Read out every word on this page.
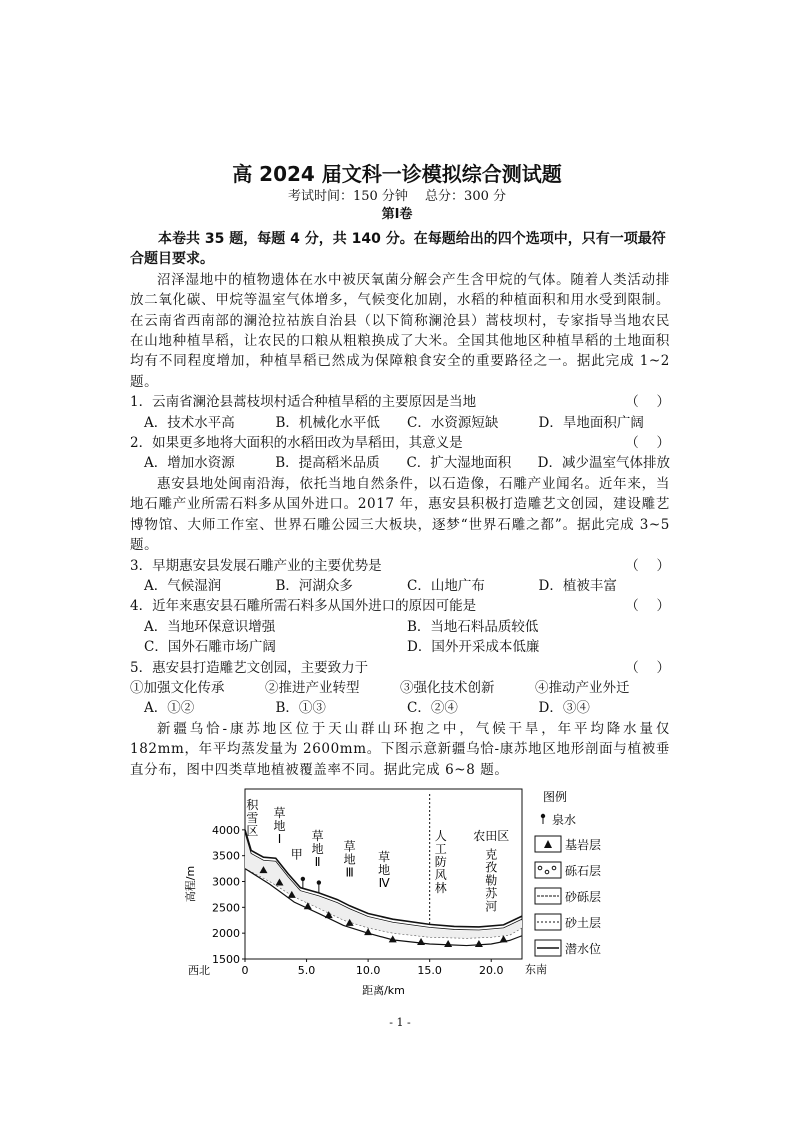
高 2024 届文科一诊模拟综合测试题
考试时间：150 分钟　 总分：300 分
第Ⅰ卷
本卷共 35 题，每题 4 分，共 140 分。在每题给出的四个选项中，只有一项最符合题目要求。
沼泽湿地中的植物遗体在水中被厌氧菌分解会产生含甲烷的气体。随着人类活动排放二氧化碳、甲烷等温室气体增多，气候变化加剧，水稻的种植面积和用水受到限制。在云南省西南部的澜沧拉祜族自治县（以下简称澜沧县）蒿枝坝村，专家指导当地农民在山地种植旱稻，让农民的口粮从粗粮换成了大米。全国其他地区种植旱稻的土地面积均有不同程度增加，种植旱稻已然成为保障粮食安全的重要路径之一。据此完成 1~2 题。
1．云南省澜沧县蒿枝坝村适合种植旱稻的主要原因是当地	（　 ）
A．技术水平高	B．机械化水平低	C．水资源短缺	D．旱地面积广阔
2．如果更多地将大面积的水稻田改为旱稻田，其意义是	（　 ）
A．增加水资源	B．提高稻米品质	C．扩大湿地面积	D．减少温室气体排放
惠安县地处闽南沿海，依托当地自然条件，以石造像，石雕产业闻名。近年来，当地石雕产业所需石料多从国外进口。2017 年，惠安县积极打造雕艺文创园，建设雕艺博物馆、大师工作室、世界石雕公园三大板块，逐梦“世界石雕之都”。据此完成 3~5 题。
3．早期惠安县发展石雕产业的主要优势是	（　 ）
A．气候湿润	B．河湖众多	C．山地广布	D．植被丰富
4．近年来惠安县石雕所需石料多从国外进口的原因可能是	（　 ）
A．当地环保意识增强	B．当地石料品质较低
C．国外石雕市场广阔	D．国外开采成本低廉
5．惠安县打造雕艺文创园，主要致力于	（　 ）
①加强文化传承	②推进产业转型	③强化技术创新	④推动产业外迁
A．①②	B．①③	C．②④	D．③④
新疆乌恰-康苏地区位于天山群山环抱之中，气候干旱，年平均降水量仅 182mm，年平均蒸发量为 2600mm。下图示意新疆乌恰-康苏地区地形剖面与植被垂直分布，图中四类草地植被覆盖率不同。据此完成 6~8 题。
1500
2000
2500
3000
3500
4000
0	5.0	10.0	15.0	20.0
距离/km
高程/m
西北	东南
积雪区
草地 Ⅰ
甲
草地 Ⅱ
草地 Ⅲ
草地 Ⅳ
人工防风林
农田区
克孜勒苏河
图例
泉水
基岩层
砾石层
砂砾层
砂土层
潜水位
- 1 -
